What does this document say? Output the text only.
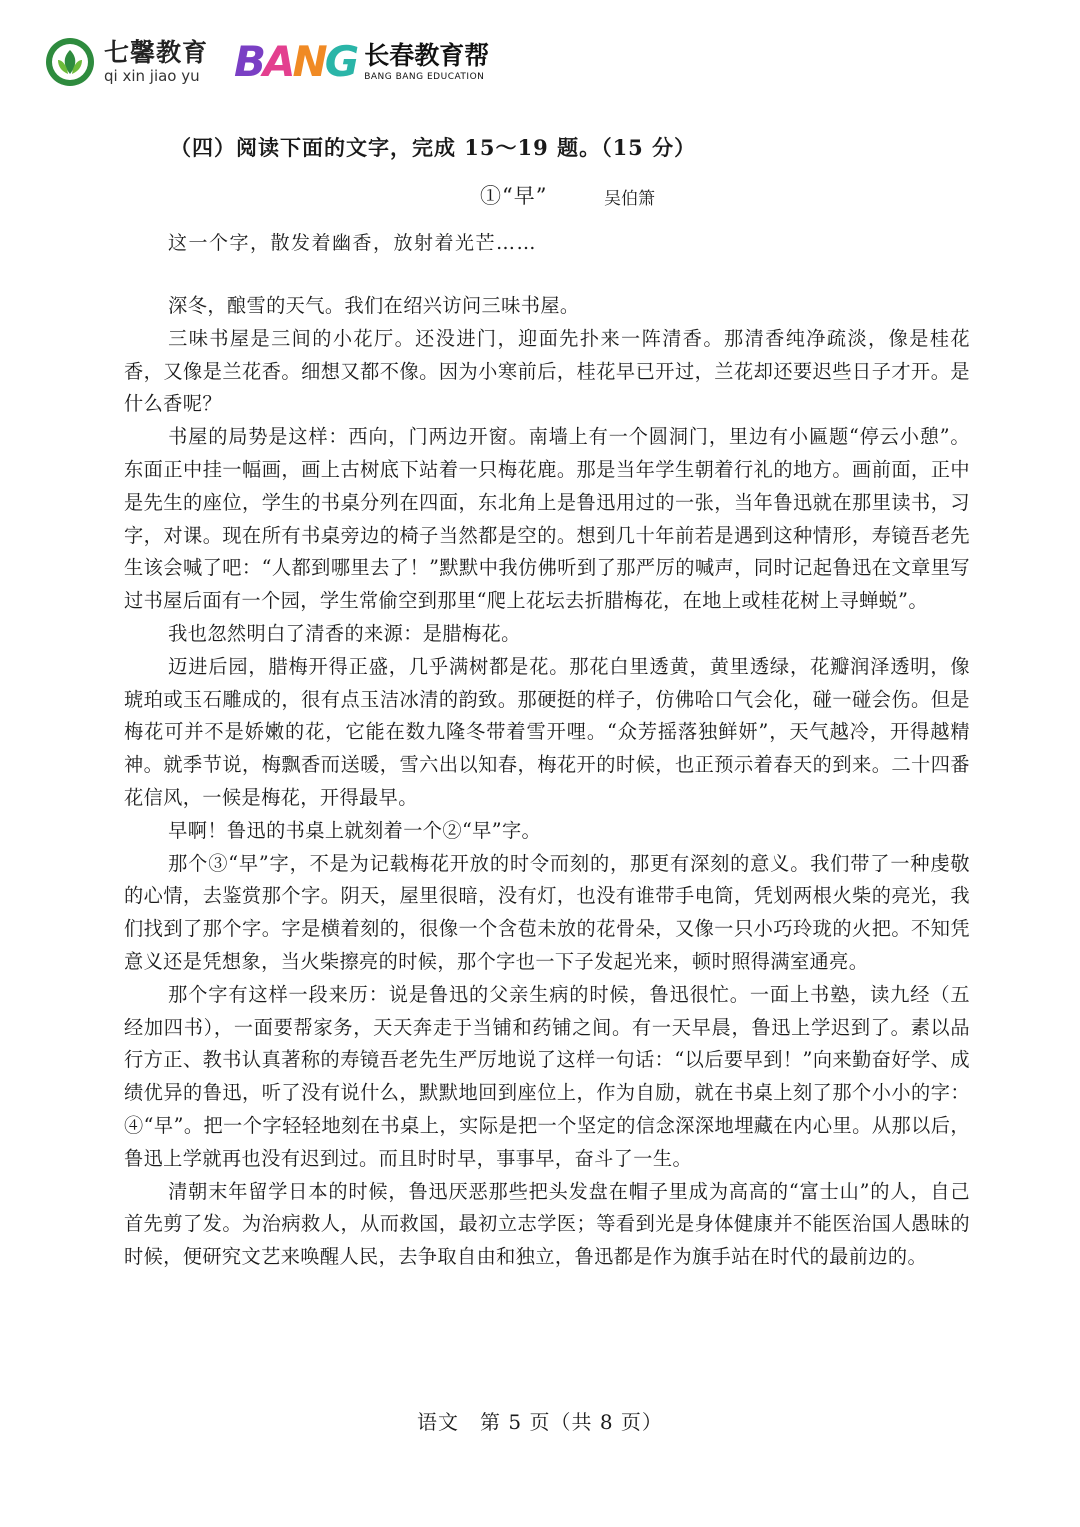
七馨教育
qi xin jiao yu B A N G 长春教育帮
BANG BANG EDUCATION
（四）阅读下面的文字，完成 15～19 题。（15 分）
①“早”	吴伯箫
这一个字，散发着幽香，放射着光芒……

深冬，酿雪的天气。我们在绍兴访问三味书屋。

三味书屋是三间的小花厅。还没进门，迎面先扑来一阵清香。那清香纯净疏淡，像是桂花香，又像是兰花香。细想又都不像。因为小寒前后，桂花早已开过，兰花却还要迟些日子才开。是什么香呢？

书屋的局势是这样：西向，门两边开窗。南墙上有一个圆洞门，里边有小匾题“停云小憩”。东面正中挂一幅画，画上古树底下站着一只梅花鹿。那是当年学生朝着行礼的地方。画前面，正中是先生的座位，学生的书桌分列在四面，东北角上是鲁迅用过的一张，当年鲁迅就在那里读书，习字，对课。现在所有书桌旁边的椅子当然都是空的。想到几十年前若是遇到这种情形，寿镜吾老先生该会喊了吧：“人都到哪里去了！”默默中我仿佛听到了那严厉的喊声，同时记起鲁迅在文章里写过书屋后面有一个园，学生常偷空到那里“爬上花坛去折腊梅花，在地上或桂花树上寻蝉蜕”。

我也忽然明白了清香的来源：是腊梅花。

迈进后园，腊梅开得正盛，几乎满树都是花。那花白里透黄，黄里透绿，花瓣润泽透明，像琥珀或玉石雕成的，很有点玉洁冰清的韵致。那硬挺的样子，仿佛哈口气会化，碰一碰会伤。但是梅花可并不是娇嫩的花，它能在数九隆冬带着雪开哩。“众芳摇落独鲜妍”，天气越冷，开得越精神。就季节说，梅飘香而送暖，雪六出以知春，梅花开的时候，也正预示着春天的到来。二十四番花信风，一候是梅花，开得最早。

早啊！鲁迅的书桌上就刻着一个②“早”字。

那个③“早”字，不是为记载梅花开放的时令而刻的，那更有深刻的意义。我们带了一种虔敬的心情，去鉴赏那个字。阴天，屋里很暗，没有灯，也没有谁带手电筒，凭划两根火柴的亮光，我们找到了那个字。字是横着刻的，很像一个含苞未放的花骨朵，又像一只小巧玲珑的火把。不知凭意义还是凭想象，当火柴擦亮的时候，那个字也一下子发起光来，顿时照得满室通亮。

那个字有这样一段来历：说是鲁迅的父亲生病的时候，鲁迅很忙。一面上书塾，读九经（五经加四书），一面要帮家务，天天奔走于当铺和药铺之间。有一天早晨，鲁迅上学迟到了。素以品行方正、教书认真著称的寿镜吾老先生严厉地说了这样一句话：“以后要早到！”向来勤奋好学、成绩优异的鲁迅，听了没有说什么，默默地回到座位上，作为自励，就在书桌上刻了那个小小的字：④“早”。把一个字轻轻地刻在书桌上，实际是把一个坚定的信念深深地埋藏在内心里。从那以后，鲁迅上学就再也没有迟到过。而且时时早，事事早，奋斗了一生。

清朝末年留学日本的时候，鲁迅厌恶那些把头发盘在帽子里成为高高的“富士山”的人，自己首先剪了发。为治病救人，从而救国，最初立志学医；等看到光是身体健康并不能医治国人愚昧的时候，便研究文艺来唤醒人民，去争取自由和独立，鲁迅都是作为旗手站在时代的最前边的。

语文　第 5 页（共 8 页）
